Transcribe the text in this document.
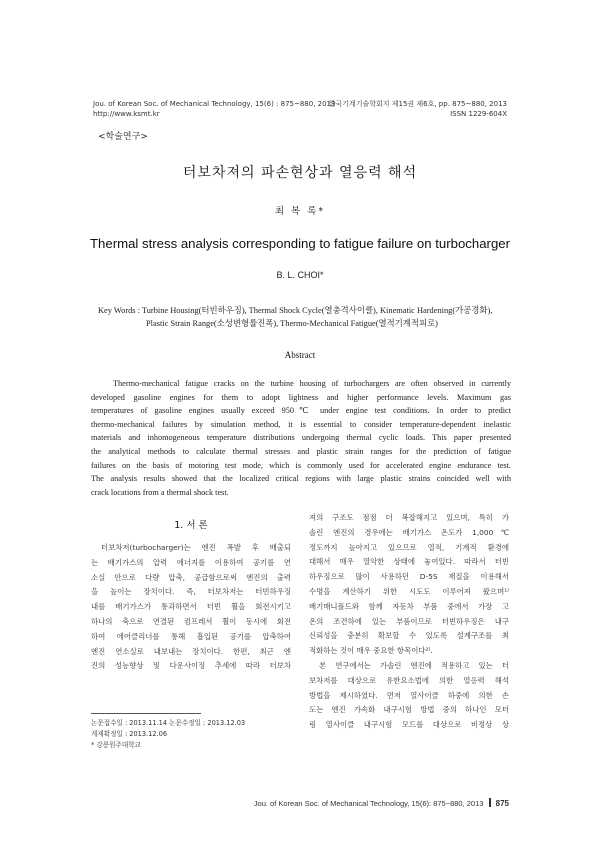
Jou. of Korean Soc. of Mechanical Technology, 15(6) : 875~880, 2013
http://www.ksmt.kr
한국기계기술학회지 제15권 제6호, pp. 875~880, 2013
ISSN 1229-604X
<학술연구>
터보차져의 파손현상과 열응력 해석
최 복 록*
Thermal stress analysis corresponding to fatigue failure on turbocharger
B. L. CHOI*
Key Words : Turbine Housing(터빈하우징), Thermal Shock Cycle(열충격사이클), Kinematic Hardening(가공경화),
Plastic Strain Range(소성변형률진폭), Thermo-Mechanical Fatigue(열적기계적피로)
Abstract
Thermo-mechanical fatigue cracks on the turbine housing of turbochargers are often observed in currently
developed gasoline engines for them to adopt lightness and higher performance levels. Maximum gas
temperatures of gasoline engines usually exceed 950℃ under engine test conditions. In order to predict
thermo-mechanical failures by simulation method, it is essential to consider temperature-dependent inelastic
materials and inhomogeneous temperature distributions undergoing thermal cyclic loads. This paper presented
the analytical methods to calculate thermal stresses and plastic strain ranges for the prediction of fatigue
failures on the basis of motoring test mode, which is commonly used for accelerated engine endurance test.
The analysis results showed that the localized critical regions with large plastic strains coincided well with
crack locations from a thermal shock test.
1. 서 론
터보차저(turbocharger)는 엔진 폭발 후 배출되
는 배기가스의 압력 에너지를 이용하여 공기를 연
소실 안으로 다량 압축, 공급함으로써 엔진의 출력
을 높이는 장치이다. 즉, 터보차저는 터빈하우징
내를 배기가스가 통과하면서 터빈 휠을 회전시키고
하나의 축으로 연결된 컴프레서 휠이 동시에 회전
하여 에어클리너를 통해 흡입된 공기를 압축하여
엔진 연소실로 내보내는 장치이다. 한편, 최근 엔
진의 성능향상 및 다운사이징 추세에 따라 터보차
져의 구조도 점점 더 복잡해지고 있으며, 특히 가
솔린 엔진의 경우에는 배기가스 온도가 1,000℃
정도까지 높아지고 있으므로 열적, 기계적 환경에
대해서 매우 열악한 상태에 놓여있다. 따라서 터빈
하우징으로 많이 사용하던 D-5S 재질을 이용해서
수명을 계산하기 위한 시도도 이루어져 왔으며¹⁾
배기매니폴드와 함께 자동차 부품 중에서 가장 고
온의 조건하에 있는 부품이므로 터빈하우징은 내구
신뢰성을 충분히 확보할 수 있도록 설계구조를 최
적화하는 것이 매우 중요한 항목이다²⁾.
본 연구에서는 가솔린 엔진에 적용하고 있는 터
보차저를 대상으로 유한요소법에 의한 열응력 해석
방법을 제시하였다. 먼저 열사이클 하중에 의한 손
도는 엔진 가속화 내구시험 방법 중의 하나인 모터
링 열사이클 내구시험 모드를 대상으로 비정상 상
논문접수일 : 2013.11.14 논문수정일 : 2013.12.03
게재확정일 : 2013.12.06
* 강릉원주대학교
Jou. of Korean Soc. of Mechanical Technology, 15(6): 875~880, 2013 875
